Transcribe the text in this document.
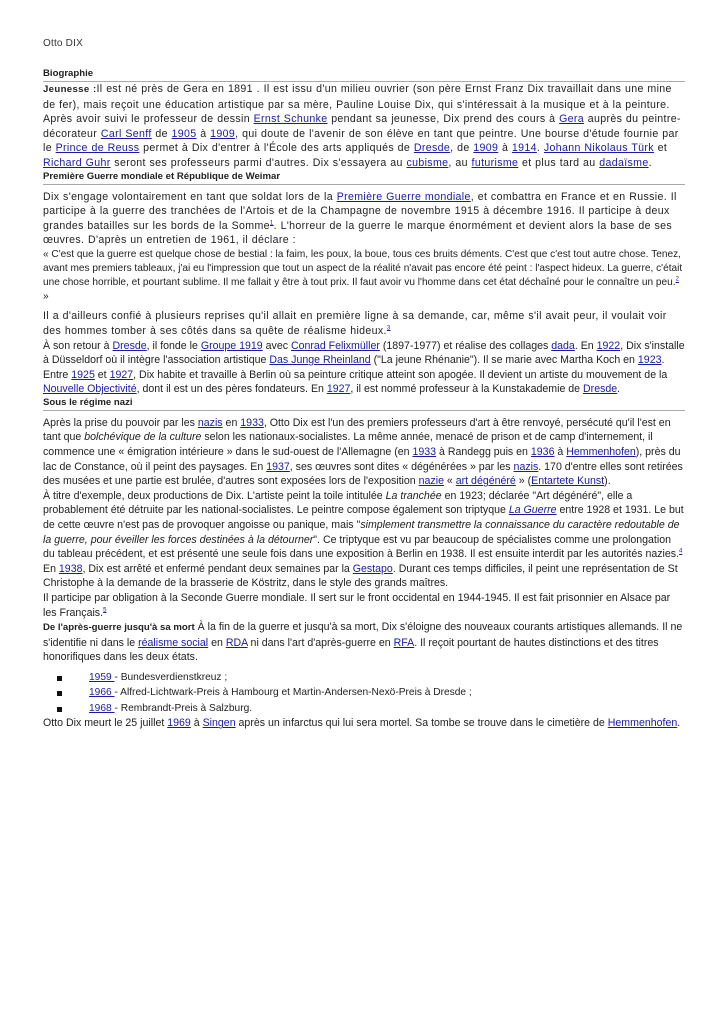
Otto DIX
Biographie

Jeunesse :Il est né près de Gera en 1891 . Il est issu d'un milieu ouvrier (son père Ernst Franz Dix travaillait dans une mine de fer), mais reçoit une éducation artistique par sa mère, Pauline Louise Dix, qui s'intéressait à la musique et à la peinture. Après avoir suivi le professeur de dessin Ernst Schunke pendant sa jeunesse, Dix prend des cours à Gera auprès du peintre-décorateur Carl Senff de 1905 à 1909, qui doute de l'avenir de son élève en tant que peintre. Une bourse d'étude fournie par le Prince de Reuss permet à Dix d'entrer à l'École des arts appliqués de Dresde, de 1909 à 1914. Johann Nikolaus Türk et Richard Guhr seront ses professeurs parmi d'autres. Dix s'essayera au cubisme, au futurisme et plus tard au dadaïsme.

Première Guerre mondiale et République de Weimar

Dix s'engage volontairement en tant que soldat lors de la Première Guerre mondiale, et combattra en France et en Russie. Il participe à la guerre des tranchées de l'Artois et de la Champagne de novembre 1915 à décembre 1916. Il participe à deux grandes batailles sur les bords de la Somme$^1$. L'horreur de la guerre le marque énormément et devient alors la base de ses œuvres. D'après un entretien de 1961, il déclare :

« C'est que la guerre est quelque chose de bestial : la faim, les poux, la boue, tous ces bruits déments. C'est que c'est tout autre chose. Tenez, avant mes premiers tableaux, j'ai eu l'impression que tout un aspect de la réalité n'avait pas encore été peint : l'aspect hideux. La guerre, c'était une chose horrible, et pourtant sublime. Il me fallait y être à tout prix. Il faut avoir vu l'homme dans cet état déchaîné pour le connaître un peu.$^2$ »

Il a d'ailleurs confié à plusieurs reprises qu'il allait en première ligne à sa demande, car, même s'il avait peur, il voulait voir des hommes tomber à ses côtés dans sa quête de réalisme hideux.$^3$

À son retour à Dresde, il fonde le Groupe 1919 avec Conrad Felixmüller (1897-1977) et réalise des collages dada. En 1922, Dix s'installe à Düsseldorf où il intègre l'association artistique Das Junge Rheinland ("La jeune Rhénanie"). Il se marie avec Martha Koch en 1923. Entre 1925 et 1927, Dix habite et travaille à Berlin où sa peinture critique atteint son apogée. Il devient un artiste du mouvement de la Nouvelle Objectivité, dont il est un des pères fondateurs. En 1927, il est nommé professeur à la Kunstakademie de Dresde.

Sous le régime nazi

Après la prise du pouvoir par les nazis en 1933, Otto Dix est l'un des premiers professeurs d'art à être renvoyé, persécuté qu'il l'est en tant que bolchévique de la culture selon les nationaux-socialistes. La même année, menacé de prison et de camp d'internement, il commence une « émigration intérieure » dans le sud-ouest de l'Allemagne (en 1933 à Randegg puis en 1936 à Hemmenhofen), près du lac de Constance, où il peint des paysages. En 1937, ses œuvres sont dites « dégénérées » par les nazis. 170 d'entre elles sont retirées des musées et une partie est brulée, d'autres sont exposées lors de l'exposition nazie « art dégénéré » (Entartete Kunst).

À titre d'exemple, deux productions de Dix. L'artiste peint la toile intitulée La tranchée en 1923; déclarée "Art dégénéré", elle a probablement été détruite par les national-socialistes. Le peintre compose également son triptyque La Guerre entre 1928 et 1931. Le but de cette œuvre n'est pas de provoquer angoisse ou panique, mais "simplement transmettre la connaissance du caractère redoutable de la guerre, pour éveiller les forces destinées à la détourner". Ce triptyque est vu par beaucoup de spécialistes comme une prolongation du tableau précédent, et est présenté une seule fois dans une exposition à Berlin en 1938. Il est ensuite interdit par les autorités nazies.$^4$

En 1938, Dix est arrêté et enfermé pendant deux semaines par la Gestapo. Durant ces temps difficiles, il peint une représentation de St Christophe à la demande de la brasserie de Köstritz, dans le style des grands maîtres.

Il participe par obligation à la Seconde Guerre mondiale. Il sert sur le front occidental en 1944-1945. Il est fait prisonnier en Alsace par les Français.$^5$

De l'après-guerre jusqu'à sa mort À la fin de la guerre et jusqu'à sa mort, Dix s'éloigne des nouveaux courants artistiques allemands. Il ne s'identifie ni dans le réalisme social en RDA ni dans l'art d'après-guerre en RFA. Il reçoit pourtant de hautes distinctions et des titres honorifiques dans les deux états.

1959 - Bundesverdienstkreuz ;
1966 - Alfred-Lichtwark-Preis à Hambourg et Martin-Andersen-Nexö-Preis à Dresde ;
1968 - Rembrandt-Preis à Salzburg.

Otto Dix meurt le 25 juillet 1969 à Singen après un infarctus qui lui sera mortel. Sa tombe se trouve dans le cimetière de Hemmenhofen.
